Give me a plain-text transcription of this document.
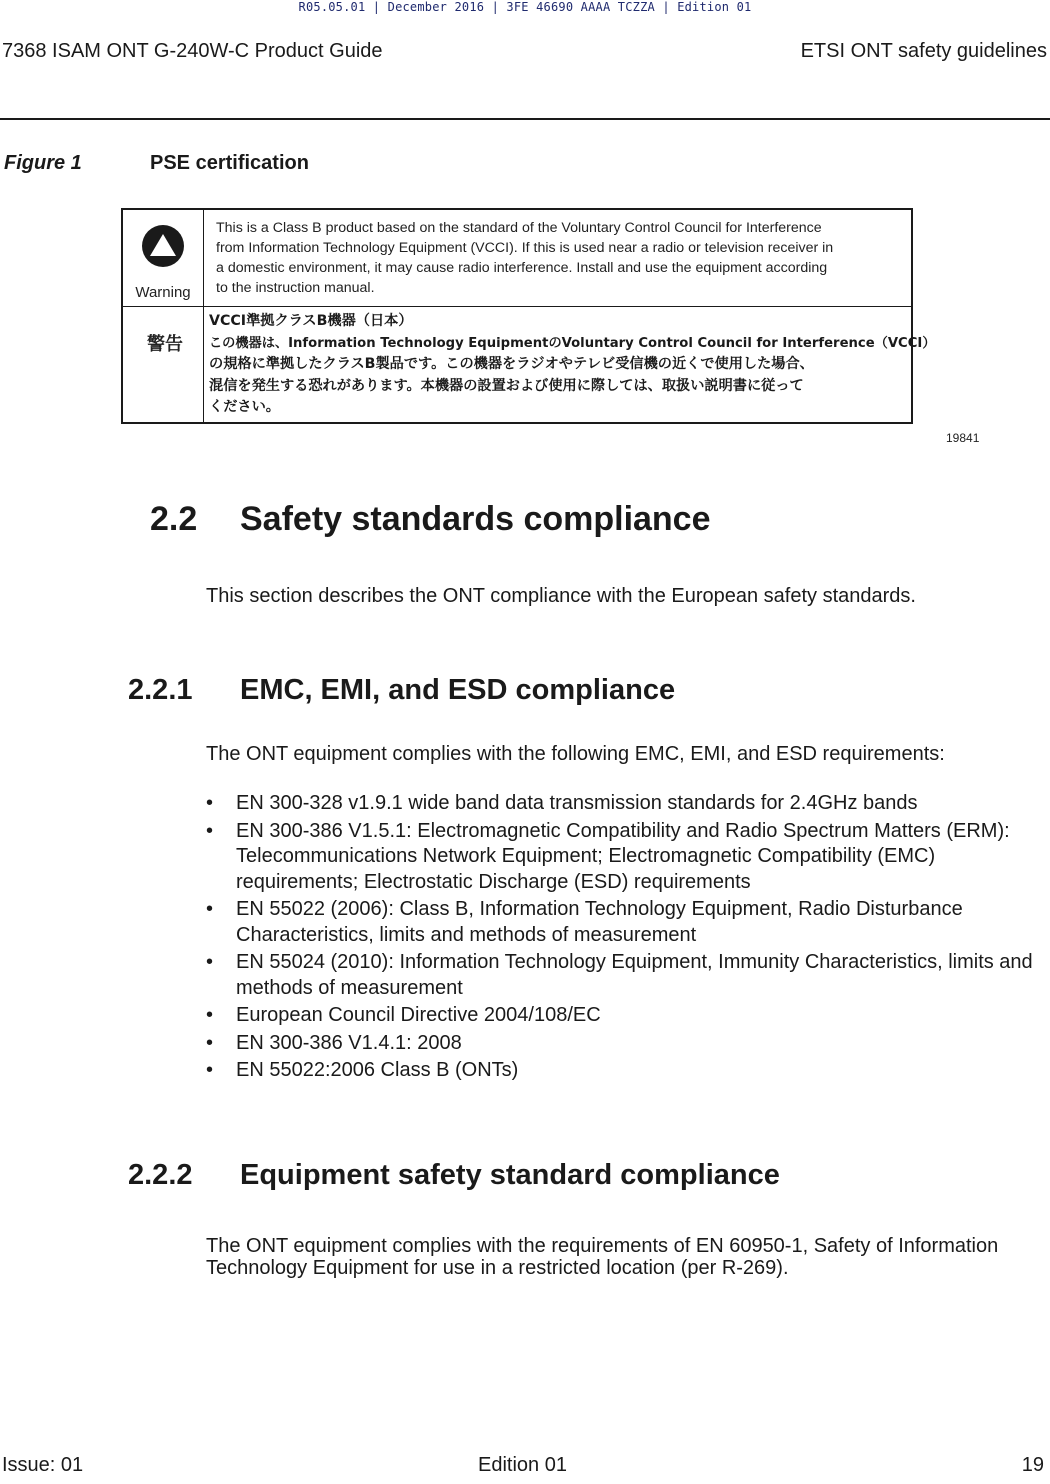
R05.05.01 | December 2016 | 3FE 46690 AAAA TCZZA | Edition 01
7368 ISAM ONT G-240W-C Product Guide	ETSI ONT safety guidelines
Figure 1	PSE certification
Warning
This is a Class B product based on the standard of the Voluntary Control Council for Interference
from Information Technology Equipment (VCCI). If this is used near a radio or television receiver in
a domestic environment, it may cause radio interference. Install and use the equipment according
to the instruction manual.
警告
VCCI準拠クラスB機器（日本）
この機器は、Information Technology EquipmentのVoluntary Control Council for Interference（VCCI）
の規格に準拠したクラスB製品です。この機器をラジオやテレビ受信機の近くで使用した場合、
混信を発生する恐れがあります。本機器の設置および使用に際しては、取扱い説明書に従って
ください。
19841
2.2 Safety standards compliance
This section describes the ONT compliance with the European safety standards.
2.2.1 EMC, EMI, and ESD compliance
The ONT equipment complies with the following EMC, EMI, and ESD requirements:
• EN 300-328 v1.9.1 wide band data transmission standards for 2.4GHz bands
• EN 300-386 V1.5.1: Electromagnetic Compatibility and Radio Spectrum Matters (ERM): Telecommunications Network Equipment; Electromagnetic Compatibility (EMC) requirements; Electrostatic Discharge (ESD) requirements
• EN 55022 (2006): Class B, Information Technology Equipment, Radio Disturbance Characteristics, limits and methods of measurement
• EN 55024 (2010): Information Technology Equipment, Immunity Characteristics, limits and methods of measurement
• European Council Directive 2004/108/EC
• EN 300-386 V1.4.1: 2008
• EN 55022:2006 Class B (ONTs)
2.2.2 Equipment safety standard compliance
The ONT equipment complies with the requirements of EN 60950-1, Safety of Information Technology Equipment for use in a restricted location (per R-269).
Issue: 01	Edition 01	19
